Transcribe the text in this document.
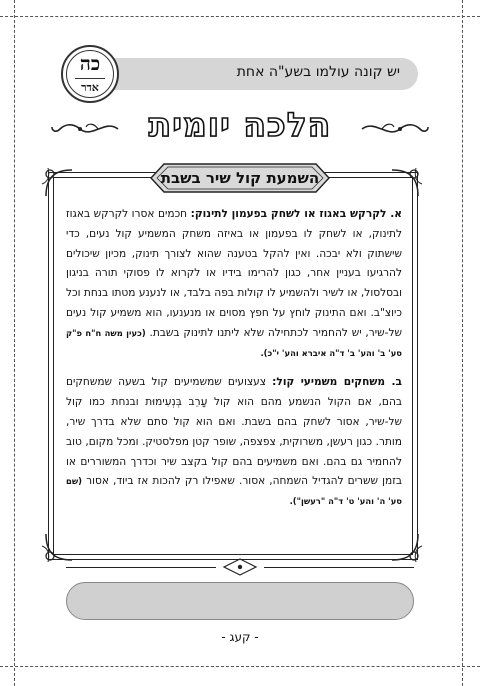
יש קונה עולמו בשע"ה אחת
כה
אדר
הלכה יומית
השמעת קול שיר בשבת
א. לקרקש באגוז או לשחק בפעמון לתינוק: חכמים אסרו לקרקש באגוז לתינוק, או לשחק לו בפעמון או באיזה משחק המשמיע קול נעים, כדי שישתוק ולא יבכה. ואין להקל בטענה שהוא לצורך תינוק, מכיון שיכולים להרגיעו בעניין אחר, כגון להרימו בידיו או לקרוא לו פסוקי תורה בניגון ובסלסול, או לשיר ולהשמיע לו קולות בפה בלבד, או לנענע מטתו בנחת וכל כיוצ"ב. ואם התינוק לוחץ על חפץ מסוים או מנענעו, הוא משמיע קול נעים של-שיר, יש להחמיר לכתחילה שלא ליתנו לתינוק בשבת. (כעין משה ח"ח פ"ק סע' ב' והע' ב' ד"ה איברא והע' י"כ).
ב. משחקים משמיעי קול: צעצועים שמשמיעים קול בשעה שמשחקים בהם, אם הקול הנשמע מהם הוא קול עָרֵב בְּנְעִימוּת ובנחת כמו קול של-שיר, אסור לשחק בהם בשבת. ואם הוא קול סתם שלא בדרך שיר, מותר. כגון רעשן, משרוקית, צפצפה, שופר קטן מפלסטיק. ומכל מקום, טוב להחמיר גם בהם. ואם משמיעים בהם קול בקצב שיר וכדרך המשוררים או בזמן ששרים להגדיל השמחה, אסור. שאפילו רק להכות אז ביוד, אסור (שם סע' ה' והע' ט' ד"ה "רעשן").
- קעג -
